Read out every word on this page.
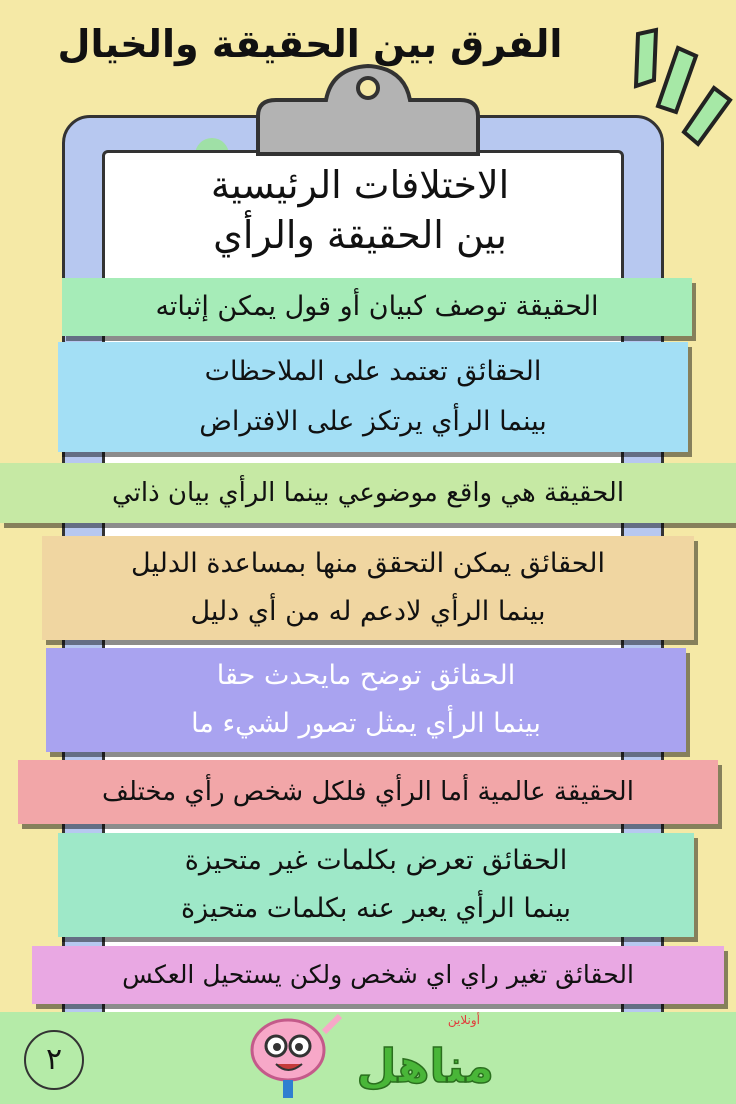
الفرق بين الحقيقة والخيال
الاختلافات الرئيسية
بين الحقيقة والرأي
الحقيقة توصف كبيان أو قول يمكن إثباته
الحقائق تعتمد على الملاحظات
بينما الرأي يرتكز على الافتراض
الحقيقة هي واقع موضوعي بينما الرأي بيان ذاتي
الحقائق يمكن التحقق منها بمساعدة الدليل
بينما الرأي لادعم له من أي دليل
الحقائق توضح مايحدث حقا
بينما الرأي يمثل تصور لشيء ما
الحقيقة عالمية أما الرأي فلكل شخص رأي مختلف
الحقائق تعرض بكلمات غير متحيزة
بينما الرأي يعبر عنه بكلمات متحيزة
الحقائق تغير راي اي شخص ولكن يستحيل العكس
٢
أونلاين
مناهل
